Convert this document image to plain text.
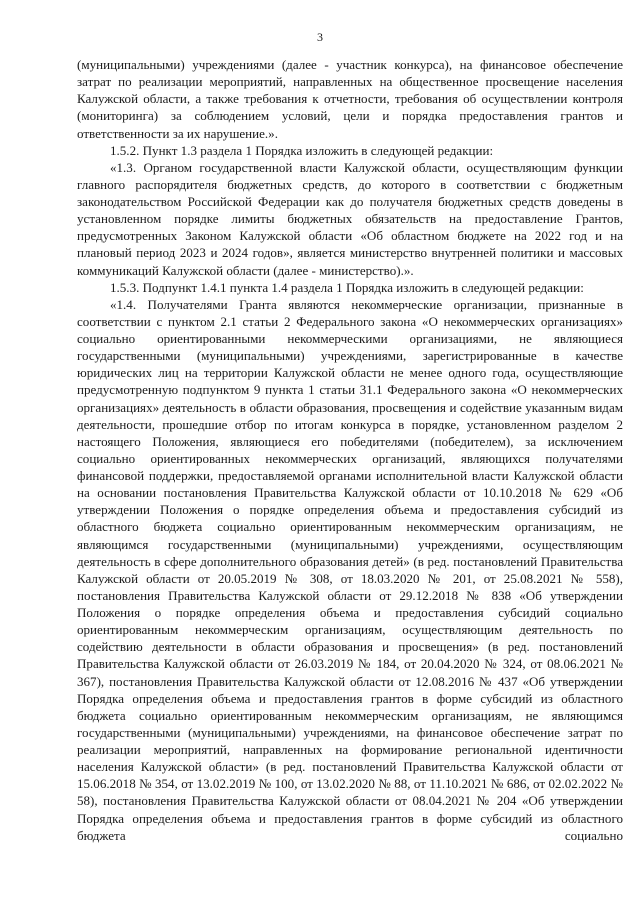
3

(муниципальными) учреждениями (далее - участник конкурса), на финансовое обеспечение затрат по реализации мероприятий, направленных на общественное просвещение населения Калужской области, а также требования к отчетности, требования об осуществлении контроля (мониторинга) за соблюдением условий, цели и порядка предоставления грантов и ответственности за их нарушение.».

1.5.2. Пункт 1.3 раздела 1 Порядка изложить в следующей редакции:

«1.3. Органом государственной власти Калужской области, осуществляющим функции главного распорядителя бюджетных средств, до которого в соответствии с бюджетным законодательством Российской Федерации как до получателя бюджетных средств доведены в установленном порядке лимиты бюджетных обязательств на предоставление Грантов, предусмотренных Законом Калужской области «Об областном бюджете на 2022 год и на плановый период 2023 и 2024 годов», является министерство внутренней политики и массовых коммуникаций Калужской области (далее - министерство).».

1.5.3. Подпункт 1.4.1 пункта 1.4 раздела 1 Порядка изложить в следующей редакции:

«1.4. Получателями Гранта являются некоммерческие организации, признанные в соответствии с пунктом 2.1 статьи 2 Федерального закона «О некоммерческих организациях» социально ориентированными некоммерческими организациями, не являющиеся государственными (муниципальными) учреждениями, зарегистрированные в качестве юридических лиц на территории Калужской области не менее одного года, осуществляющие предусмотренную подпунктом 9 пункта 1 статьи 31.1 Федерального закона «О некоммерческих организациях» деятельность в области образования, просвещения и содействие указанным видам деятельности, прошедшие отбор по итогам конкурса в порядке, установленном разделом 2 настоящего Положения, являющиеся его победителями (победителем), за исключением социально ориентированных некоммерческих организаций, являющихся получателями финансовой поддержки, предоставляемой органами исполнительной власти Калужской области на основании постановления Правительства Калужской области от 10.10.2018 № 629 «Об утверждении Положения о порядке определения объема и предоставления субсидий из областного бюджета социально ориентированным некоммерческим организациям, не являющимся государственными (муниципальными) учреждениями, осуществляющим деятельность в сфере дополнительного образования детей» (в ред. постановлений Правительства Калужской области от 20.05.2019 № 308, от 18.03.2020 № 201, от 25.08.2021 № 558), постановления Правительства Калужской области от 29.12.2018 № 838 «Об утверждении Положения о порядке определения объема и предоставления субсидий социально ориентированным некоммерческим организациям, осуществляющим деятельность по содействию деятельности в области образования и просвещения» (в ред. постановлений Правительства Калужской области от 26.03.2019 № 184, от 20.04.2020 № 324, от 08.06.2021 № 367), постановления Правительства Калужской области от 12.08.2016 № 437 «Об утверждении Порядка определения объема и предоставления грантов в форме субсидий из областного бюджета социально ориентированным некоммерческим организациям, не являющимся государственными (муниципальными) учреждениями, на финансовое обеспечение затрат по реализации мероприятий, направленных на формирование региональной идентичности населения Калужской области» (в ред. постановлений Правительства Калужской области от 15.06.2018 № 354, от 13.02.2019 № 100, от 13.02.2020 № 88, от 11.10.2021 № 686, от 02.02.2022 № 58), постановления Правительства Калужской области от 08.04.2021 № 204 «Об утверждении Порядка определения объема и предоставления грантов в форме субсидий из областного бюджета социально
